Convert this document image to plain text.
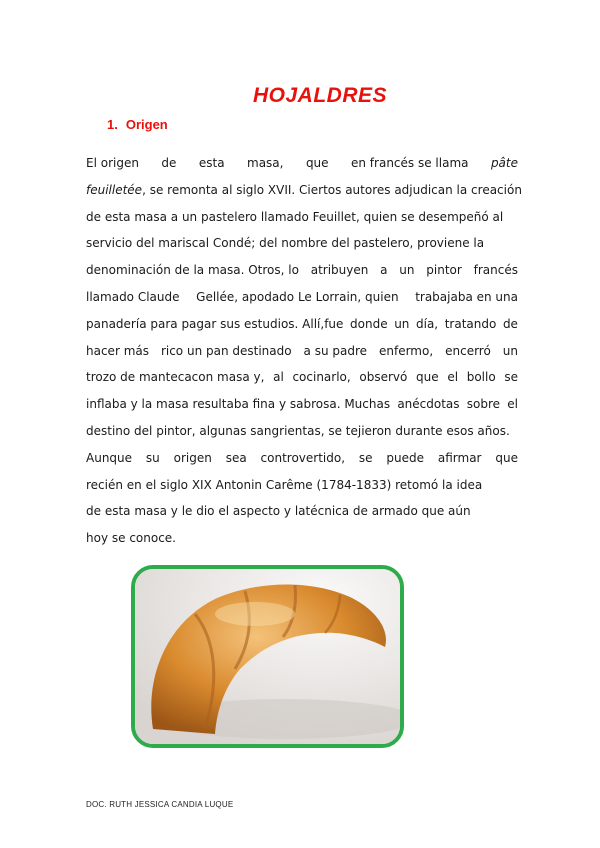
HOJALDRES
1. Origen
El origen de esta masa, que en francés se llama pâte
feuilletée, se remonta al siglo XVII. Ciertos autores adjudican la creación
de esta masa a un pastelero llamado Feuillet, quien se desempeñó al
servicio del mariscal Condé; del nombre del pastelero, proviene la
denominación de la masa. Otros, lo atribuyen a un pintor francés
llamado Claude Gellée, apodado Le Lorrain, quien trabajaba en una
panadería para pagar sus estudios. Allí,fue donde un día, tratando de
hacer más rico un pan destinado a su padre enfermo, encerró un
trozo de mantecacon masa y, al cocinarlo, observó que el bollo se
inflaba y la masa resultaba fina y sabrosa. Muchas anécdotas sobre el
destino del pintor, algunas sangrientas, se tejieron durante esos años.
Aunque su origen sea controvertido, se puede afirmar que
recién en el siglo XIX Antonin Carême (1784-1833) retomó la idea
de esta masa y le dio el aspecto y latécnica de armado que aún
hoy se conoce.
DOC. RUTH JESSICA CANDIA LUQUE
